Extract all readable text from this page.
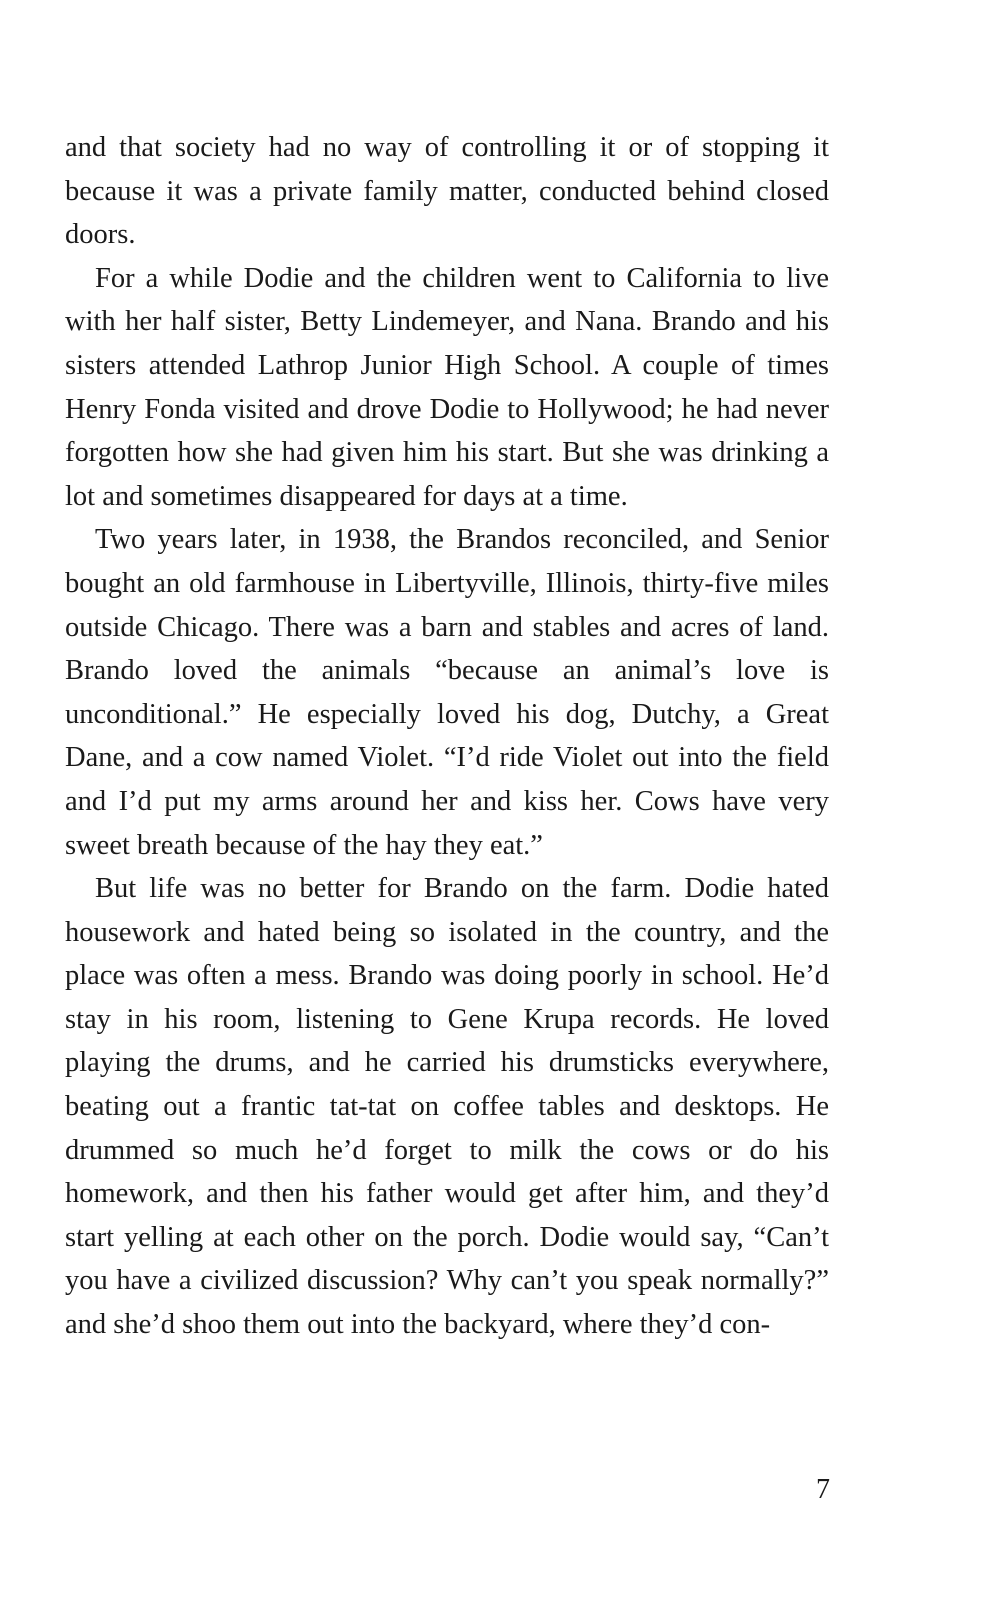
and that society had no way of controlling it or of stopping it because it was a private family matter, conducted behind closed doors.

For a while Dodie and the children went to California to live with her half sister, Betty Lindemeyer, and Nana. Brando and his sisters attended Lathrop Junior High School. A couple of times Henry Fonda visited and drove Dodie to Hollywood; he had never forgotten how she had given him his start. But she was drinking a lot and sometimes disappeared for days at a time.

Two years later, in 1938, the Brandos reconciled, and Senior bought an old farmhouse in Libertyville, Illinois, thirty-five miles outside Chicago. There was a barn and stables and acres of land. Brando loved the animals “because an animal’s love is unconditional.” He especially loved his dog, Dutchy, a Great Dane, and a cow named Violet. “I’d ride Violet out into the field and I’d put my arms around her and kiss her. Cows have very sweet breath because of the hay they eat.”

But life was no better for Brando on the farm. Dodie hated housework and hated being so isolated in the country, and the place was often a mess. Brando was doing poorly in school. He’d stay in his room, listening to Gene Krupa records. He loved playing the drums, and he carried his drumsticks everywhere, beating out a frantic tat-tat on coffee tables and desktops. He drummed so much he’d forget to milk the cows or do his homework, and then his father would get after him, and they’d start yelling at each other on the porch. Dodie would say, “Can’t you have a civilized discussion? Why can’t you speak normally?” and she’d shoo them out into the backyard, where they’d con-

7
